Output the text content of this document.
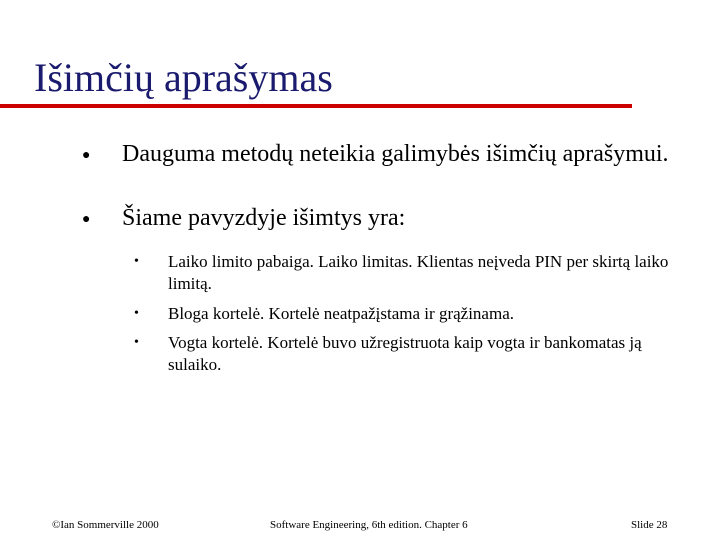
Išimčių aprašymas
● Dauguma metodų neteikia galimybės išimčių aprašymui.
● Šiame pavyzdyje išimtys yra:
• Laiko limito pabaiga. Laiko limitas. Klientas neįveda PIN per skirtą laiko limitą.
• Bloga kortelė. Kortelė neatpažįstama ir grąžinama.
• Vogta kortelė. Kortelė buvo užregistruota kaip vogta ir bankomatas ją sulaiko.
©Ian Sommerville 2000	Software Engineering, 6th edition. Chapter 6	Slide 28
